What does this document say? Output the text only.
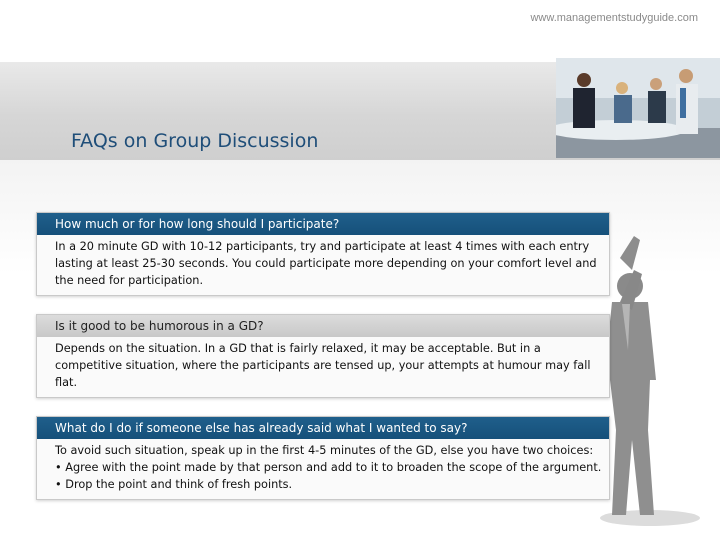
www.managementstudyguide.com
FAQs on Group Discussion
How much or for how long should I participate?
In a 20 minute GD with 10-12 participants, try and participate at least 4 times with each entry
lasting at least 25-30 seconds. You could participate more depending on your comfort level and
the need for participation.
Is it good to be humorous in a GD?
Depends on the situation. In a GD that is fairly relaxed, it may be acceptable. But in a
competitive situation, where the participants are tensed up, your attempts at humour may fall
flat.
What do I do if someone else has already said what I wanted to say?
To avoid such situation, speak up in the first 4-5 minutes of the GD, else you have two choices:
• Agree with the point made by that person and add to it to broaden the scope of the argument.
• Drop the point and think of fresh points.
